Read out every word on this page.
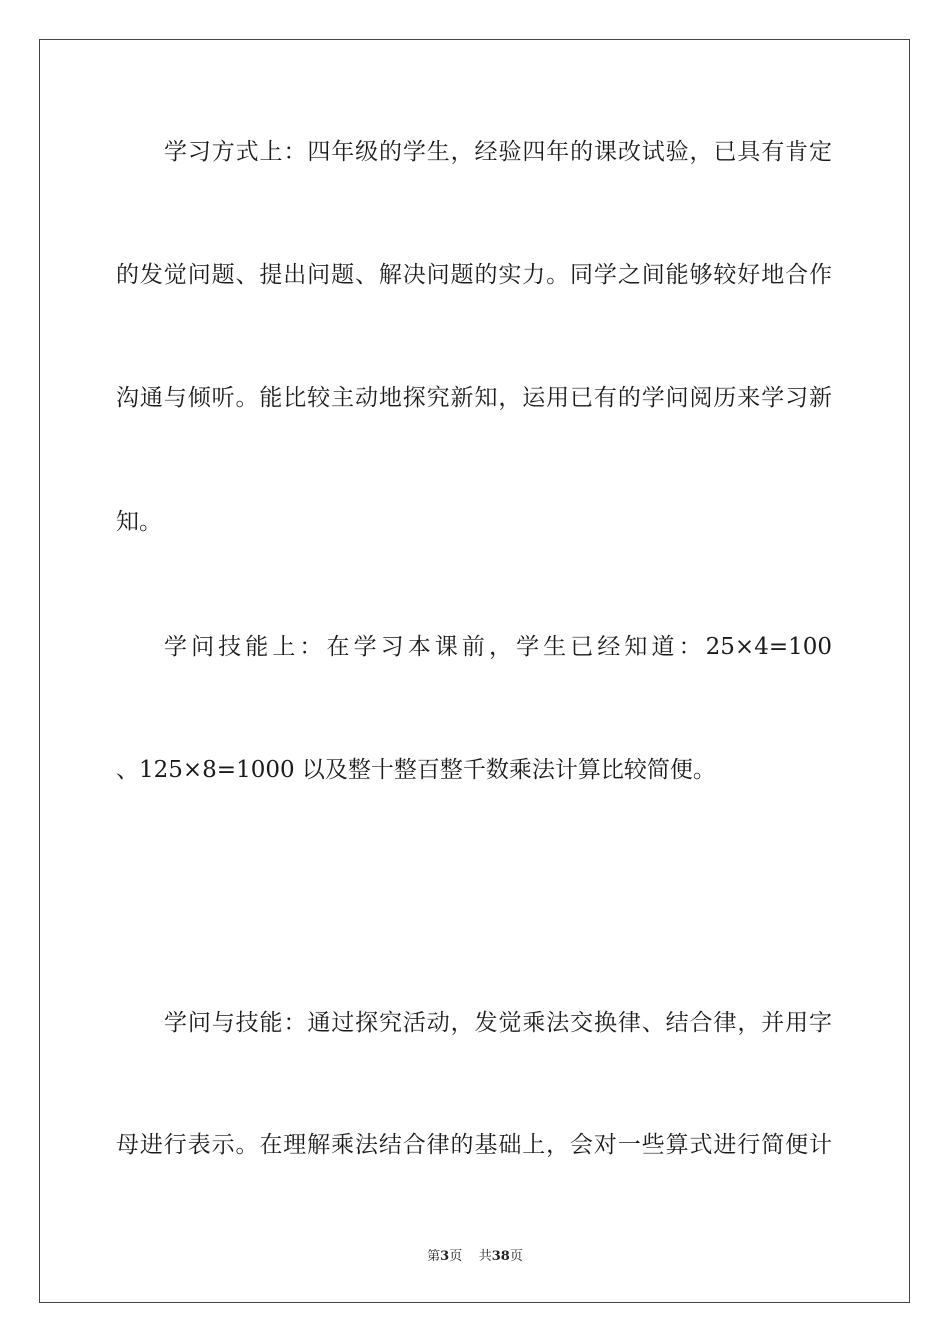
学习方式上：四年级的学生，经验四年的课改试验，已具有肯定
的发觉问题、提出问题、解决问题的实力。同学之间能够较好地合作
沟通与倾听。能比较主动地探究新知，运用已有的学问阅历来学习新
知。
学问技能上：在学习本课前，学生已经知道：25×4=100
、125×8=1000 以及整十整百整千数乘法计算比较简便。
学问与技能：通过探究活动，发觉乘法交换律、结合律，并用字
母进行表示。在理解乘法结合律的基础上，会对一些算式进行简便计
第3页 共38页
